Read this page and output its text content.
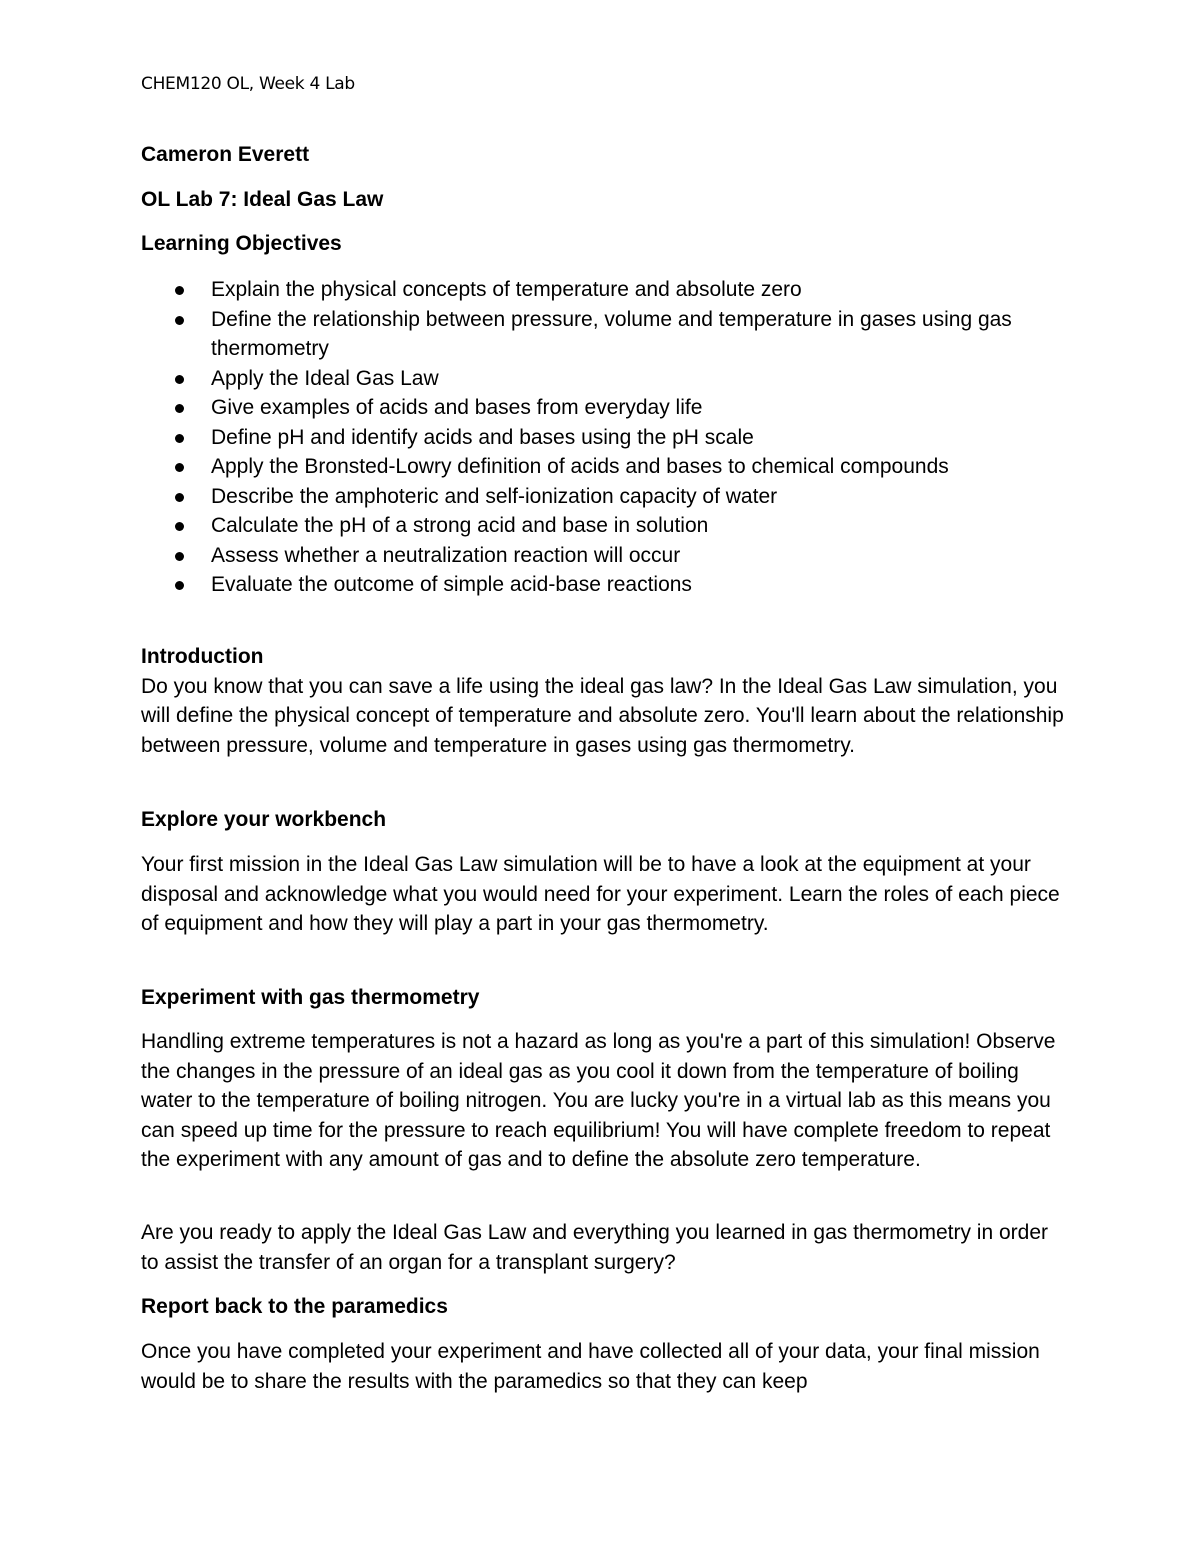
CHEM120 OL, Week 4 Lab
Cameron Everett
OL Lab 7: Ideal Gas Law
Learning Objectives
Explain the physical concepts of temperature and absolute zero
Define the relationship between pressure, volume and temperature in gases using gas thermometry
Apply the Ideal Gas Law
Give examples of acids and bases from everyday life
Define pH and identify acids and bases using the pH scale
Apply the Bronsted-Lowry definition of acids and bases to chemical compounds
Describe the amphoteric and self-ionization capacity of water
Calculate the pH of a strong acid and base in solution
Assess whether a neutralization reaction will occur
Evaluate the outcome of simple acid-base reactions
Introduction

Do you know that you can save a life using the ideal gas law? In the Ideal Gas Law simulation, you will define the physical concept of temperature and absolute zero. You'll learn about the relationship between pressure, volume and temperature in gases using gas thermometry.

Explore your workbench

Your first mission in the Ideal Gas Law simulation will be to have a look at the equipment at your disposal and acknowledge what you would need for your experiment. Learn the roles of each piece of equipment and how they will play a part in your gas thermometry.

Experiment with gas thermometry

Handling extreme temperatures is not a hazard as long as you're a part of this simulation! Observe the changes in the pressure of an ideal gas as you cool it down from the temperature of boiling water to the temperature of boiling nitrogen. You are lucky you're in a virtual lab as this means you can speed up time for the pressure to reach equilibrium! You will have complete freedom to repeat the experiment with any amount of gas and to define the absolute zero temperature.

Are you ready to apply the Ideal Gas Law and everything you learned in gas thermometry in order to assist the transfer of an organ for a transplant surgery?

Report back to the paramedics

Once you have completed your experiment and have collected all of your data, your final mission would be to share the results with the paramedics so that they can keep
